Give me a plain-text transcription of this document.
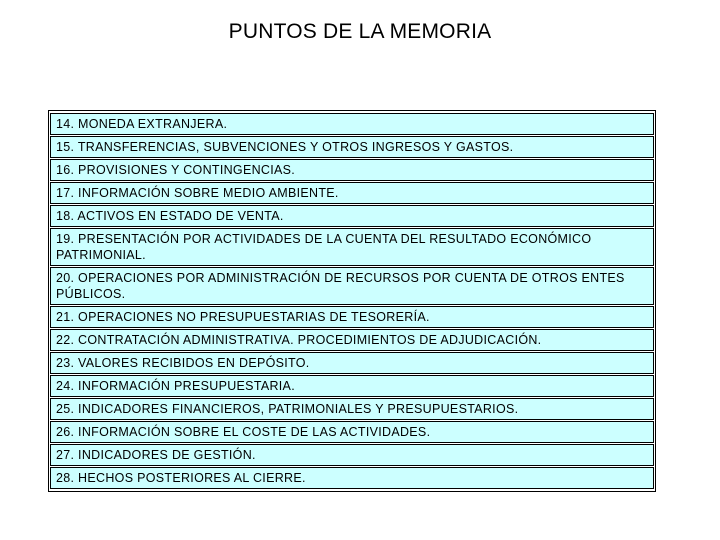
PUNTOS DE LA MEMORIA
14. MONEDA EXTRANJERA.
15. TRANSFERENCIAS, SUBVENCIONES Y OTROS INGRESOS Y GASTOS.
16. PROVISIONES Y CONTINGENCIAS.
17. INFORMACIÓN SOBRE MEDIO AMBIENTE.
18. ACTIVOS EN ESTADO DE VENTA.
19. PRESENTACIÓN POR ACTIVIDADES DE LA CUENTA DEL RESULTADO ECONÓMICO PATRIMONIAL.
20. OPERACIONES POR ADMINISTRACIÓN DE RECURSOS POR CUENTA DE OTROS ENTES PÚBLICOS.
21. OPERACIONES NO PRESUPUESTARIAS DE TESORERÍA.
22. CONTRATACIÓN ADMINISTRATIVA. PROCEDIMIENTOS DE ADJUDICACIÓN.
23. VALORES RECIBIDOS EN DEPÓSITO.
24. INFORMACIÓN PRESUPUESTARIA.
25. INDICADORES FINANCIEROS, PATRIMONIALES Y PRESUPUESTARIOS.
26. INFORMACIÓN SOBRE EL COSTE DE LAS ACTIVIDADES.
27. INDICADORES DE GESTIÓN.
28. HECHOS POSTERIORES AL CIERRE.
